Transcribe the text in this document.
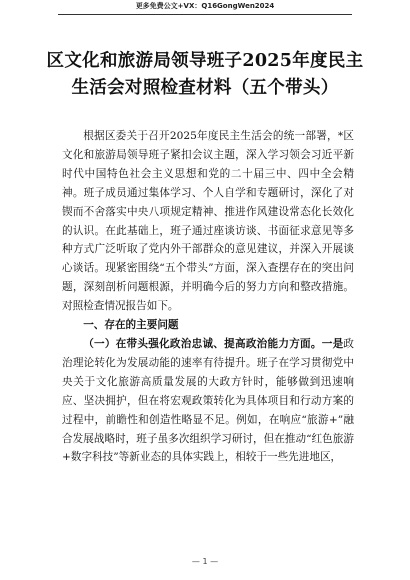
更多免费公文+VX：Q16GongWen2024
区文化和旅游局领导班子2025年度民主生活会对照检查材料（五个带头）

根据区委关于召开2025年度民主生活会的统一部署，*区文化和旅游局领导班子紧扣会议主题，深入学习领会习近平新时代中国特色社会主义思想和党的二十届三中、四中全会精神。班子成员通过集体学习、个人自学和专题研讨，深化了对锲而不舍落实中央八项规定精神、推进作风建设常态化长效化的认识。在此基础上，班子通过座谈访谈、书面征求意见等多种方式广泛听取了党内外干部群众的意见建议，并深入开展谈心谈话。现紧密围绕“五个带头”方面，深入查摆存在的突出问题，深刻剖析问题根源，并明确今后的努力方向和整改措施。对照检查情况报告如下。

一、存在的主要问题

（一）在带头强化政治忠诚、提高政治能力方面。一是政治理论转化为发展动能的速率有待提升。班子在学习贯彻党中央关于文化旅游高质量发展的大政方针时，能够做到迅速响应、坚决拥护，但在将宏观政策转化为具体项目和行动方案的过程中，前瞻性和创造性略显不足。例如，在响应“旅游+”融合发展战略时，班子虽多次组织学习研讨，但在推动“红色旅游+数字科技”等新业态的具体实践上，相较于一些先进地区，

— 1 —
